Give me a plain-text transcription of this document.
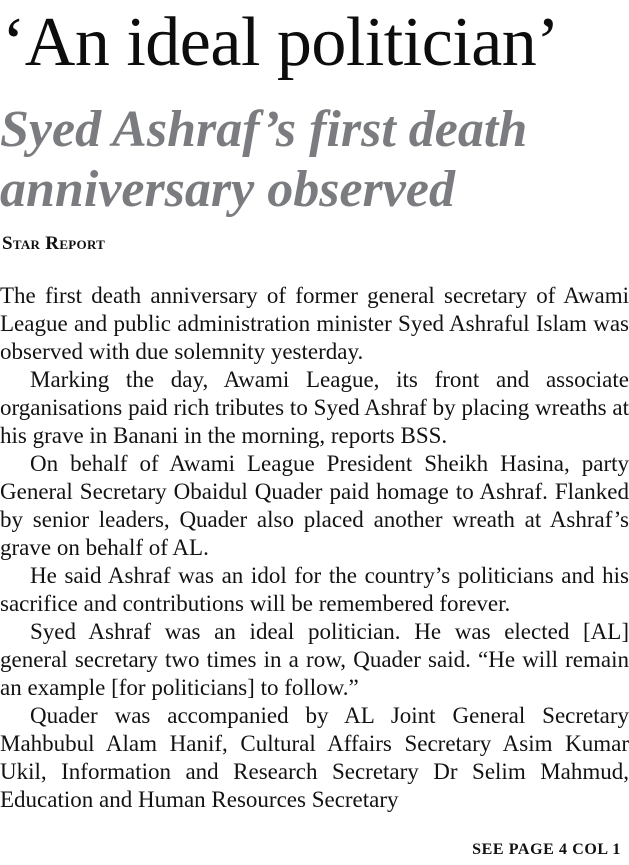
‘An ideal politician’
Syed Ashraf’s first death
anniversary observed
Star Report

The first death anniversary of former general secretary of Awami League and public administration minister Syed Ashraful Islam was observed with due solemnity yesterday.

Marking the day, Awami League, its front and associate organisations paid rich tributes to Syed Ashraf by placing wreaths at his grave in Banani in the morning, reports BSS.

On behalf of Awami League President Sheikh Hasina, party General Secretary Obaidul Quader paid homage to Ashraf. Flanked by senior leaders, Quader also placed another wreath at Ashraf’s grave on behalf of AL.

He said Ashraf was an idol for the country’s politicians and his sacrifice and contributions will be remembered forever.

Syed Ashraf was an ideal politician. He was elected [AL] general secretary two times in a row, Quader said. “He will remain an example [for politicians] to follow.”

Quader was accompanied by AL Joint General Secretary Mahbubul Alam Hanif, Cultural Affairs Secretary Asim Kumar Ukil, Information and Research Secretary Dr Selim Mahmud, Education and Human Resources Secretary

SEE PAGE 4 COL 1
